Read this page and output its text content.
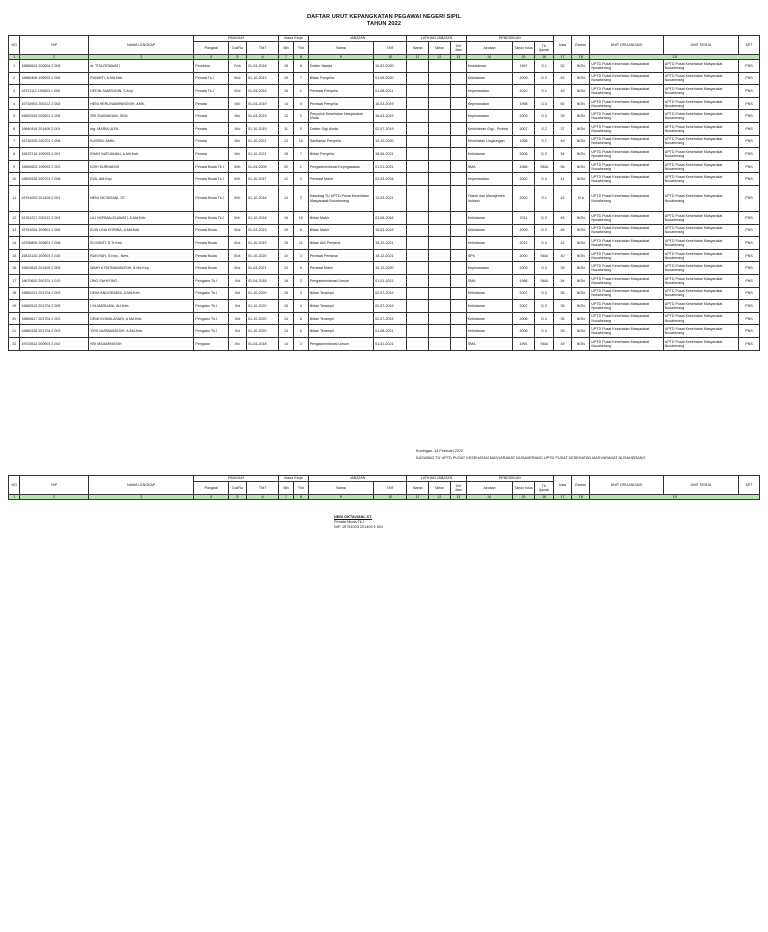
DAFTAR URUT KEPANGKATAN PEGAWAI NEGERI SIPIL
TAHUN 2022
NO	NIP	NAMA LENGKAP	PANGKAT			Masa Kerja		JABATAN		LATIHAN JABATAN			PENDIDIKAN			Usia	Eselon	UNIT ORGANISASI	UNIT KERJA	KET
			Pangkat	Gol/Ru	TMT	Bln	Thn	Nama	TMT	Nama	Tahun	Jml Jam	Jurusan	Tahun lulus	Tk. Ijazah					
1	2	3	4	5	6	7	8	9	10	11	12	13	14	15	16	17	18	19		
1	19680624 200604 2 008	dr. TITA RITAWATI	Pembina	IV/a	01-04-2018	18	8	Dokter Madya	10-02-2020				Kedokteran	1997	S.1	52	NON	UPTD Pusat Kesehatan Masyarakat Nusaherang	UPTD Pusat Kesehatan Masyarakat Nusaherang	PNS
2	19680405 199003 2 006	RUNINTI, A.Md.Keb.	Penata Tk.I	III/d	01-10-2013	19	7	Bidan Penyelia	01-09-2020				Kebidanan	2009	D.3	53	NON	UPTD Pusat Kesehatan Masyarakat Nusaherang	UPTD Pusat Kesehatan Masyarakat Nusaherang	PNS
3	19721112 199803 1 006	DEDIN SAMSUDIN, S.Kep.	Penata Tk.I	III/d	01-04-2015	16	1	Perawat Penyelia	01-08-2011				Keperawatan	2010	S.1	49	NON	UPTD Pusat Kesehatan Masyarakat Nusaherang	UPTD Pusat Kesehatan Masyarakat Nusaherang	PNS
4	19730903 200212 2 003	HENI HERLINAWININGSIH, AMK.	Penata	III/c	01-04-2019	14	4	Perawat Penyelia	18-03-2019				Keperawatan	1998	D.3	50	NON	UPTD Pusat Kesehatan Masyarakat Nusaherang	UPTD Pusat Kesehatan Masyarakat Nusaherang	PNS
5	19820916 200501 2 006	SRI SUKMAYANI, SKM.	Penata	III/c	01-04-2019	12	3	Penyuluh Kesehatan Masyarakat Muda	18-03-2019				Keperawatan	2003	D.3	39	NON	UPTD Pusat Kesehatan Masyarakat Nusaherang	UPTD Pusat Kesehatan Masyarakat Nusaherang	PNS
6	19840416 201409 2 001	drg. MARIA ULFA	Penata	III/c	01-10-2019	11	0	Dokter Gigi Muda	02-07-2019				Kedokteran Gigi - Profesi	2007	S.2	37	NON	UPTD Pusat Kesehatan Masyarakat Nusaherang	UPTD Pusat Kesehatan Masyarakat Nusaherang	PNS
7	19730205 200701 1 008	KUSRIN, AMKL.	Penata	III/c	01-10-2021	13	10	Sanitarian Penyelia	10-12-2020				Kesehatan Lingkungan	1998	S.1	49	NON	UPTD Pusat Kesehatan Masyarakat Nusaherang	UPTD Pusat Kesehatan Masyarakat Nusaherang	PNS
8	19670718 199003 2 001	ENAH NURJANAH, A.Md.Keb.	Penata	III/c	01-10-2021	18	7	Bidan Penyelia	18-06-2021				Kebidanan	2008	D.3	54	NON	UPTD Pusat Kesehatan Masyarakat Nusaherang	UPTD Pusat Kesehatan Masyarakat Nusaherang	PNS
9	19650603 199003 2 002	EDIH KURNIASIH	Penata Muda Tk.I	III/b	01-04-2009	20	1	Pengadministrasi Kepegawaian	01-01-2021				SMA	1985	SMA	56	NON	UPTD Pusat Kesehatan Masyarakat Nusaherang	UPTD Pusat Kesehatan Masyarakat Nusaherang	PNS
10	19809316 200701 2 006	EVA, AM.Kep.	Penata Muda Tk.I	III/b	01-10-2017	12	3	Perawat Mahir	03-03-2016				Keperawatan	2002	D.3	41	NON	UPTD Pusat Kesehatan Masyarakat Nusaherang	UPTD Pusat Kesehatan Masyarakat Nusaherang	PNS
11	19791003 201409 2 001	NENI OKTAVIANI, ST.	Penata Muda Tk.I	III/b	01-10-2018	14	2	Kasubag TU UPTD Pusat Kesehatan Masyarakat Nusaherang	12-03-2021				Teknik dan Manajemen Industri	2002	S.1	42	IV.b	UPTD Pusat Kesehatan Masyarakat Nusaherang	UPTD Pusat Kesehatan Masyarakat Nusaherang	PNS
12	19761227 200212 2 004	LILI NORMALELAWATI, A.Md.Keb.	Penata Muda Tk.I	III/b	01-10-2018	16	10	Bidan Mahir	03-08-2016				Kebidanan	2011	D.3	45	NON	UPTD Pusat Kesehatan Masyarakat Nusaherang	UPTD Pusat Kesehatan Masyarakat Nusaherang	PNS
13	19751004 200801 2 006	ELIN LINA KORINA, A.Md.Keb.	Penata Muda	III/a	01-04-2019	19	6	Bidan Mahir	18-03-2019				Kebidanan	2009	D.3	46	NON	UPTD Pusat Kesehatan Masyarakat Nusaherang	UPTD Pusat Kesehatan Masyarakat Nusaherang	PNS
14	19790805 200801 2 008	ELIYANTI, S.Tr.Keb.	Penata Muda	III/a	01-10-2019	15	11	Bidan Ahli Pertama	15-12-2021				Kebidanan	2012	D.3	42	NON	UPTD Pusat Kesehatan Masyarakat Nusaherang	UPTD Pusat Kesehatan Masyarakat Nusaherang	PNS
15	19815130 200501 2 025	RUKIYAH, S.Kep., Ners.	Penata Muda	III/a	01-10-2020	10	3	Perawat Pertama	15-12-2021				SPK	2000	SMA	40	NON	UPTD Pusat Kesehatan Masyarakat Nusaherang	UPTD Pusat Kesehatan Masyarakat Nusaherang	PNS
16	19820815 201409 2 005	WAHYU RATNANINGSIH, A.Md.Kep.	Penata Muda	III/a	01-04-2021	14	8	Perawat Mahir	10-12-2020				Keperawatan	2003	D.3	39	NON	UPTD Pusat Kesehatan Masyarakat Nusaherang	UPTD Pusat Kesehatan Masyarakat Nusaherang	PNS
17	19670620 200701 1 010	ONO SAHYONO	Pengatur Tk.I	II/d	01-04-2018	18	3	Pengadministrasi Umum	01-01-2021				SMA	1986	SMA	54	NON	UPTD Pusat Kesehatan Masyarakat Nusaherang	UPTD Pusat Kesehatan Masyarakat Nusaherang	PNS
18	19850221 201704 2 003	DEWI ANGGRAENI, A.Md.Keb.	Pengatur Tk.I	II/d	01-10-2020	15	4	Bidan Terampil	02-07-2019				Kebidanan	2007	D.3	36	NON	UPTD Pusat Kesehatan Masyarakat Nusaherang	UPTD Pusat Kesehatan Masyarakat Nusaherang	PNS
19	19860513 201704 2 005	LYA MARLIANI, AH.Keb.	Pengatur Tk.I	II/d	01-10-2020	15	4	Bidan Terampil	02-07-2019				Kebidanan	2007	D.3	35	NON	UPTD Pusat Kesehatan Masyarakat Nusaherang	UPTD Pusat Kesehatan Masyarakat Nusaherang	PNS
20	19860617 201704 2 002	DEWI KOMALASARI, A.Md.Keb.	Pengatur Tk.I	II/d	01-10-2020	13	6	Bidan Terampil	02-07-2019				Kebidanan	2008	D.3	35	NON	UPTD Pusat Kesehatan Masyarakat Nusaherang	UPTD Pusat Kesehatan Masyarakat Nusaherang	PNS
21	19860316 201704 2 003	YESI NURANINGSIH, A.Md.Keb.	Pengatur Tk.I	II/d	01-10-2020	13	6	Bidan Terampil	01-08-2021				Kebidanan	2008	D.3	35	NON	UPTD Pusat Kesehatan Masyarakat Nusaherang	UPTD Pusat Kesehatan Masyarakat Nusaherang	PNS
22	19720512 200901 2 002	SRI MIDAMINGSIH	Pengatur	II/c	01-04-2018	14	3	Pengadministrasi Umum	01-01-2021				SMA	1991	SMA	49	NON	UPTD Pusat Kesehatan Masyarakat Nusaherang	UPTD Pusat Kesehatan Masyarakat Nusaherang	PNS
Kuningan, 14 Februari 2022
KASUBAG TU UPTD PUSAT KESEHATAN MASYARAKAT NUSAHERANG UPTD PUSAT KESEHATAN MASYARAKAT NUSAHERANG
NO	NIP	NAMA LENGKAP	PANGKAT			Masa Kerja		JABATAN		LATIHAN JABATAN			PENDIDIKAN			Usia	Eselon	UNIT ORGANISASI	UNIT KERJA	KET
			Pangkat	Gol/Ru	TMT	Bln	Thn	Nama	TMT	Nama	Tahun	Jml Jam	Jurusan	Tahun lulus	Tk. Ijazah					
1	2	3	4	5	6	7	8	9	10	11	12	13	14	15	16	17	18	19		
NENI OKTAVIANI, ST.
Penata Muda Tk.I
NIP. 19791003 201409 2 001
